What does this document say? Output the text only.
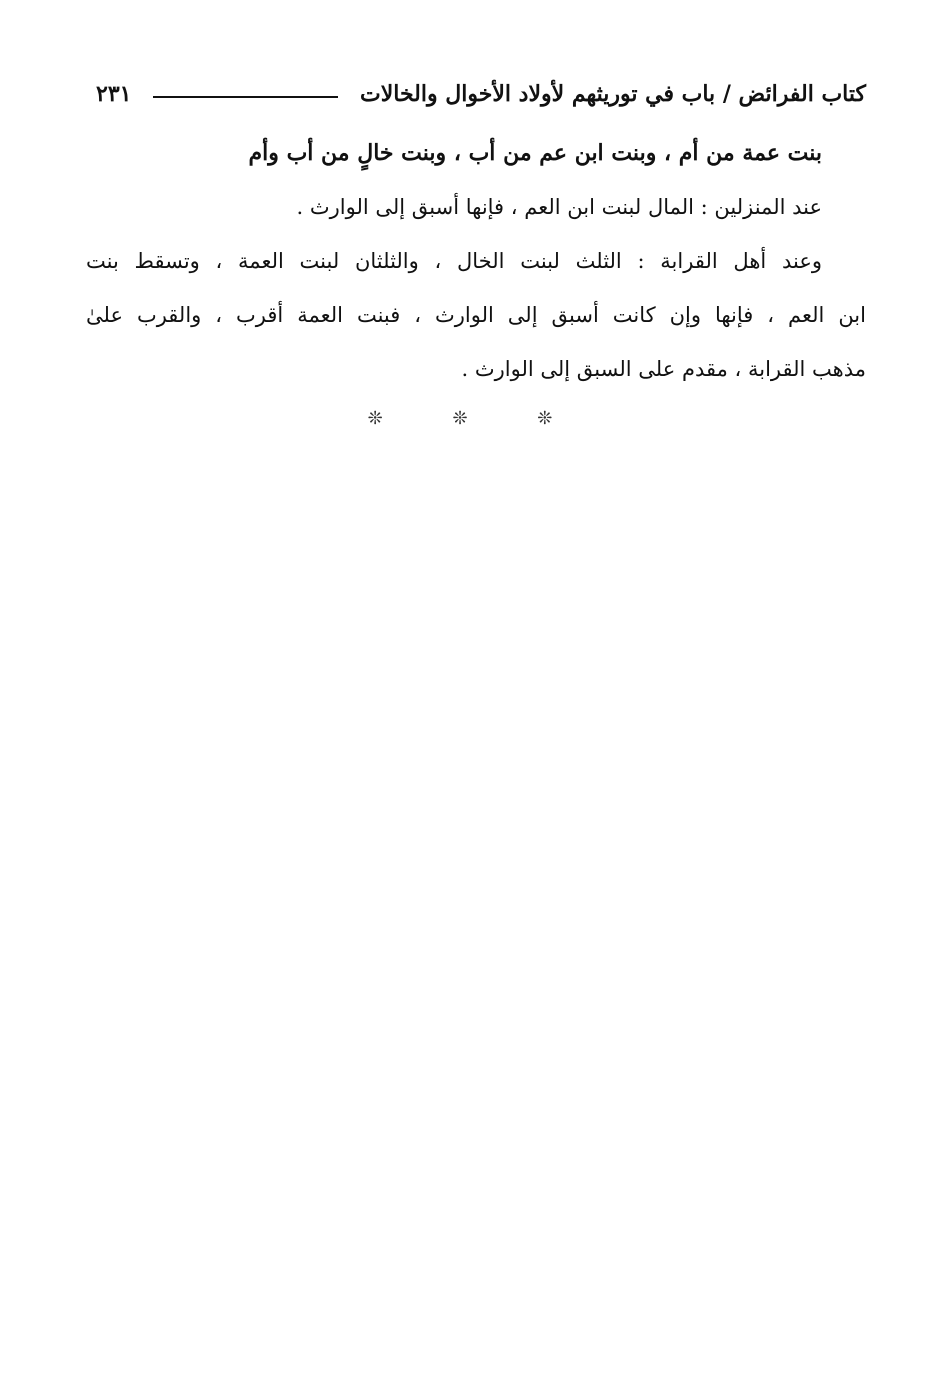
كتاب الفرائض / باب في توريثهم لأولاد الأخوال والخالات
٢٣١
بنت عمة من أم ، وبنت ابن عم من أب ، وبنت خالٍ من أب وأم
عند المنزلين : المال لبنت ابن العم ، فإنها أسبق إلى الوارث .
وعند أهل القرابة : الثلث لبنت الخال ، والثلثان لبنت العمة ، وتسقط بنت
ابن العم ، فإنها وإن كانت أسبق إلى الوارث ، فبنت العمة أقرب ، والقرب علىٰ
مذهب القرابة ، مقدم على السبق إلى الوارث .
❊ ❊ ❊
